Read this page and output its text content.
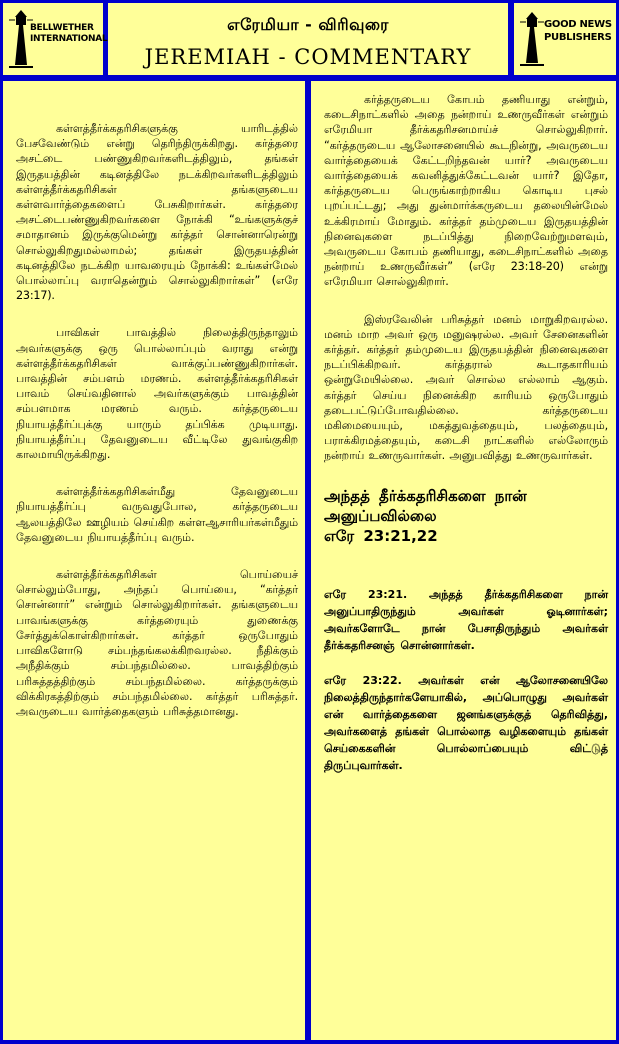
BELLWETHER INTERNATIONAL
எரேமியா - விரிவுரை
JEREMIAH - COMMENTARY
GOOD NEWS PUBLISHERS

கள்ளத்தீர்க்கதரிசிகளுக்கு யாரிடத்தில் பேசவேண்டும் என்று தெரிந்திருக்கிறது. கர்த்தரை அசட்டை பண்ணுகிறவர்களிடத்திலும், தங்கள் இருதயத்தின் கடினத்திலே நடக்கிறவர்களிடத்திலும் கள்ளத்தீர்க்கதரிசிகள் தங்களுடைய கள்ளவார்த்தைகளைப் பேசுகிறார்கள். கர்த்தரை அசட்டைபண்ணுகிறவர்களை நோக்கி “உங்களுக்குச் சமாதானம் இருக்குமென்று கர்த்தர் சொன்னாரென்று சொல்லுகிறதுமல்லாமல்; தங்கள் இருதயத்தின் கடினத்திலே நடக்கிற யாவரையும் நோக்கி: உங்கள்மேல் பொல்லாப்பு வராதென்றும் சொல்லுகிறார்கள்” (எரே 23:17).

பாவிகள் பாவத்தில் நிலைத்திருந்தாலும் அவர்களுக்கு ஒரு பொல்லாப்பும் வராது என்று கள்ளத்தீர்க்கதரிசிகள் வாக்குப்பண்ணுகிறார்கள். பாவத்தின் சம்பளம் மரணம். கள்ளத்தீர்க்கதரிசிகள் பாவம் செய்வதினால் அவர்களுக்கும் பாவத்தின் சம்பளமாக மரணம் வரும். கர்த்தருடைய நியாயத்தீர்ப்புக்கு யாரும் தப்பிக்க முடியாது. நியாயத்தீர்ப்பு தேவனுடைய வீட்டிலே துவங்குகிற காலமாயிருக்கிறது.

கள்ளத்தீர்க்கதரிசிகள்மீது தேவனுடைய நியாயத்தீர்ப்பு வருவதுபோல, கர்த்தருடைய ஆலயத்திலே ஊழியம் செய்கிற கள்ளஆசாரியர்கள்மீதும் தேவனுடைய நியாயத்தீர்ப்பு வரும்.

கள்ளத்தீர்க்கதரிசிகள் பொய்யைச் சொல்லும்போது, அந்தப் பொய்யை, “கர்த்தர் சொன்னார்” என்றும் சொல்லுகிறார்கள். தங்களுடைய பாவங்களுக்கு கர்த்தரையும் துணைக்கு சேர்த்துக்கொள்கிறார்கள். கர்த்தர் ஒருபோதும் பாவிகளோடு சம்பந்தங்கலக்கிறவரல்ல. நீதிக்கும் அநீதிக்கும் சம்பந்தமில்லை. பாவத்திற்கும் பரிசுத்தத்திற்கும் சம்பந்தமில்லை. கர்த்தருக்கும் விக்கிரகத்திற்கும் சம்பந்தமில்லை. கர்த்தர் பரிசுத்தர். அவருடைய வார்த்தைகளும் பரிசுத்தமானது.

கர்த்தருடைய கோபம் தணியாது என்றும், கடைசிநாட்களில் அதை நன்றாய் உணருவீர்கள் என்றும் எரேமியா தீர்க்கதரிசனமாய்ச் சொல்லுகிறார். “கர்த்தருடைய ஆலோசனையில் கூடநின்று, அவருடைய வார்த்தையைக் கேட்டறிந்தவன் யார்? அவருடைய வார்த்தையைக் கவனித்துக்கேட்டவன் யார்? இதோ, கர்த்தருடைய பெருங்காற்றாகிய கொடிய புசல் புறப்பட்டது; அது துன்மார்க்கருடைய தலையின்மேல் உக்கிரமாய் மோதும். கர்த்தர் தம்முடைய இருதயத்தின் நினைவுகளை நடப்பித்து நிறைவேற்றுமளவும், அவருடைய கோபம் தணியாது, கடைசிநாட்களில் அதை நன்றாய் உணருவீர்கள்” (எரே 23:18-20) என்று எரேமியா சொல்லுகிறார்.

இஸ்ரவேலின் பரிசுத்தர் மனம் மாறுகிறவரல்ல. மனம் மாற அவர் ஒரு மனுஷரல்ல. அவர் சேனைகளின் கர்த்தர். கர்த்தர் தம்முடைய இருதயத்தின் நினைவுகளை நடப்பிக்கிறவர். கர்த்தரால் கூடாதகாரியம் ஒன்றுமேயில்லை. அவர் சொல்ல எல்லாம் ஆகும். கர்த்தர் செய்ய நினைக்கிற காரியம் ஒருபோதும் தடைபட்டுப்போவதில்லை. கர்த்தருடைய மகிமையையும், மகத்துவத்தையும், பலத்தையும், பராக்கிரமத்தையும், கடைசி நாட்களில் எல்லோரும் நன்றாய் உணருவார்கள். அனுபவித்து உணருவார்கள்.

அந்தத் தீர்க்கதரிசிகளை நான் அனுப்பவில்லை
எரே 23:21,22

எரே 23:21. அந்தத் தீர்க்கதரிசிகளை நான் அனுப்பாதிருந்தும் அவர்கள் ஓடினார்கள்; அவர்களோடே நான் பேசாதிருந்தும் அவர்கள் தீர்க்கதரிசனஞ் சொன்னார்கள்.

எரே 23:22. அவர்கள் என் ஆலோசனையிலே நிலைத்திருந்தார்களேயாகில், அப்பொழுது அவர்கள் என் வார்த்தைகளை ஜனங்களுக்குத் தெரிவித்து, அவர்களைத் தங்கள் பொல்லாத வழிகளையும் தங்கள் செய்கைகளின் பொல்லாப்பையும் விட்டுத் திருப்புவார்கள்.
